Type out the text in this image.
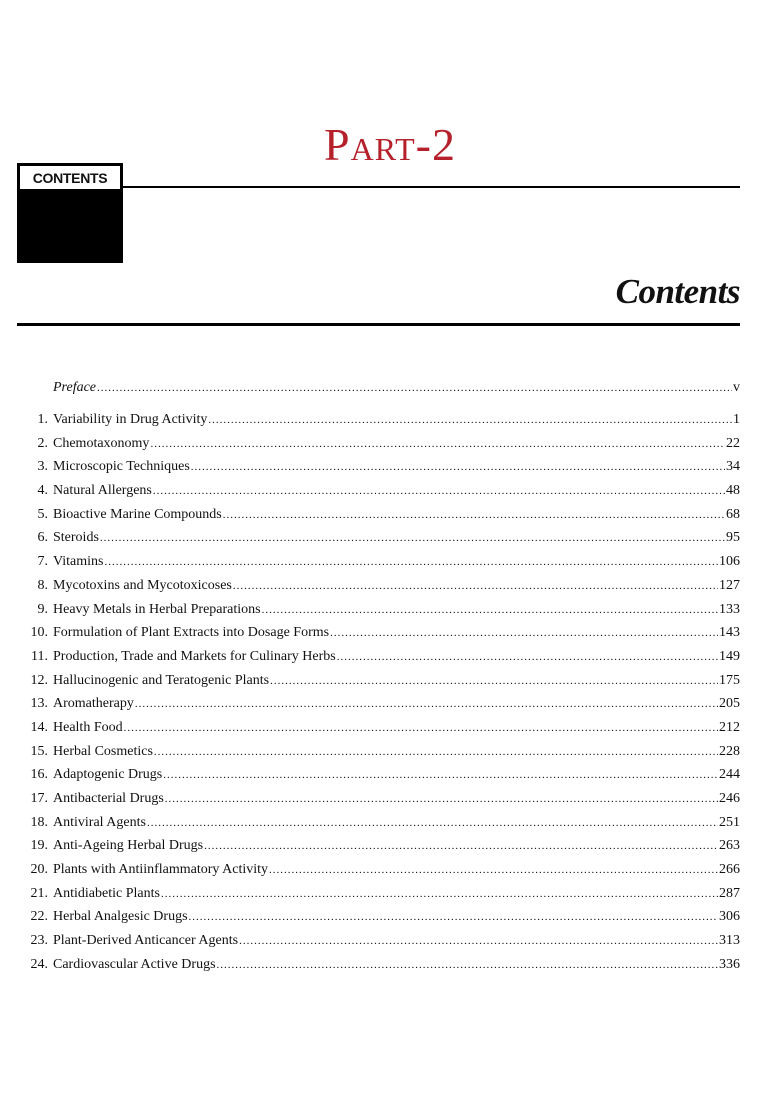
Part-2
CONTENTS
Contents
Preface .....	v
1. Variability in Drug Activity .....	1
2. Chemotaxonomy .....	22
3. Microscopic Techniques .....	34
4. Natural Allergens .....	48
5. Bioactive Marine Compounds .....	68
6. Steroids .....	95
7. Vitamins .....	106
8. Mycotoxins and Mycotoxicoses .....	127
9. Heavy Metals in Herbal Preparations .....	133
10. Formulation of Plant Extracts into Dosage Forms .....	143
11. Production, Trade and Markets for Culinary Herbs .....	149
12. Hallucinogenic and Teratogenic Plants .....	175
13. Aromatherapy .....	205
14. Health Food .....	212
15. Herbal Cosmetics .....	228
16. Adaptogenic Drugs .....	244
17. Antibacterial Drugs .....	246
18. Antiviral Agents .....	251
19. Anti-Ageing Herbal Drugs .....	263
20. Plants with Antiinflammatory Activity .....	266
21. Antidiabetic Plants .....	287
22. Herbal Analgesic Drugs .....	306
23. Plant-Derived Anticancer Agents .....	313
24. Cardiovascular Active Drugs .....	336
